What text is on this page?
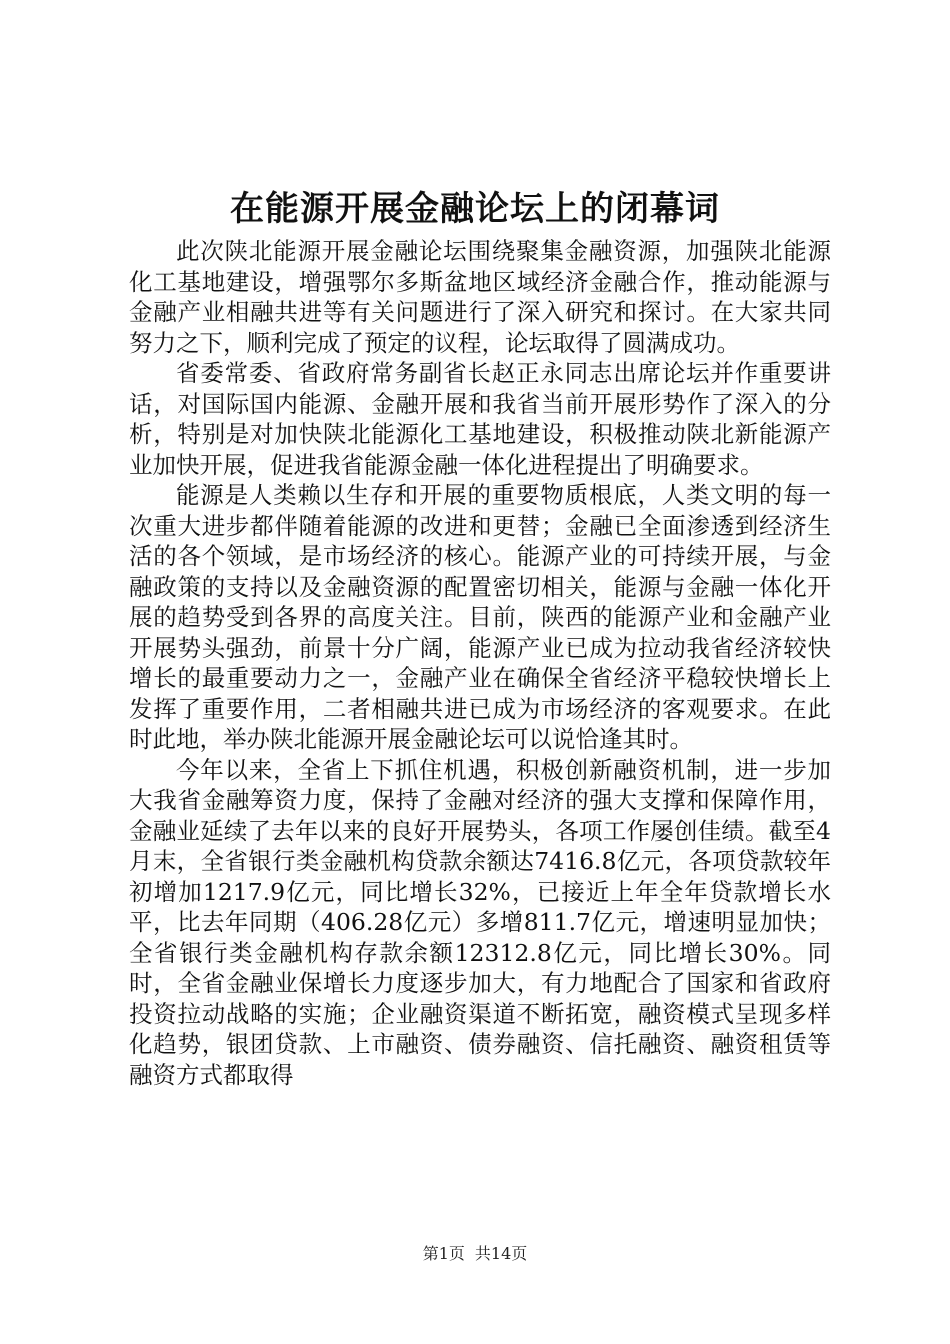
在能源开展金融论坛上的闭幕词

此次陕北能源开展金融论坛围绕聚集金融资源，加强陕北能源化工基地建设，增强鄂尔多斯盆地区域经济金融合作，推动能源与金融产业相融共进等有关问题进行了深入研究和探讨。在大家共同努力之下，顺利完成了预定的议程，论坛取得了圆满成功。

省委常委、省政府常务副省长赵正永同志出席论坛并作重要讲话，对国际国内能源、金融开展和我省当前开展形势作了深入的分析，特别是对加快陕北能源化工基地建设，积极推动陕北新能源产业加快开展，促进我省能源金融一体化进程提出了明确要求。

能源是人类赖以生存和开展的重要物质根底，人类文明的每一次重大进步都伴随着能源的改进和更替；金融已全面渗透到经济生活的各个领域，是市场经济的核心。能源产业的可持续开展，与金融政策的支持以及金融资源的配置密切相关，能源与金融一体化开展的趋势受到各界的高度关注。目前，陕西的能源产业和金融产业开展势头强劲，前景十分广阔，能源产业已成为拉动我省经济较快增长的最重要动力之一，金融产业在确保全省经济平稳较快增长上发挥了重要作用，二者相融共进已成为市场经济的客观要求。在此时此地，举办陕北能源开展金融论坛可以说恰逢其时。

今年以来，全省上下抓住机遇，积极创新融资机制，进一步加大我省金融筹资力度，保持了金融对经济的强大支撑和保障作用，金融业延续了去年以来的良好开展势头，各项工作屡创佳绩。截至4月末，全省银行类金融机构贷款余额达7416.8亿元，各项贷款较年初增加1217.9亿元，同比增长32%，已接近上年全年贷款增长水平，比去年同期（406.28亿元）多增811.7亿元，增速明显加快；全省银行类金融机构存款余额12312.8亿元，同比增长30%。同时，全省金融业保增长力度逐步加大，有力地配合了国家和省政府投资拉动战略的实施；企业融资渠道不断拓宽，融资模式呈现多样化趋势，银团贷款、上市融资、债券融资、信托融资、融资租赁等融资方式都取得

第1页 共14页
